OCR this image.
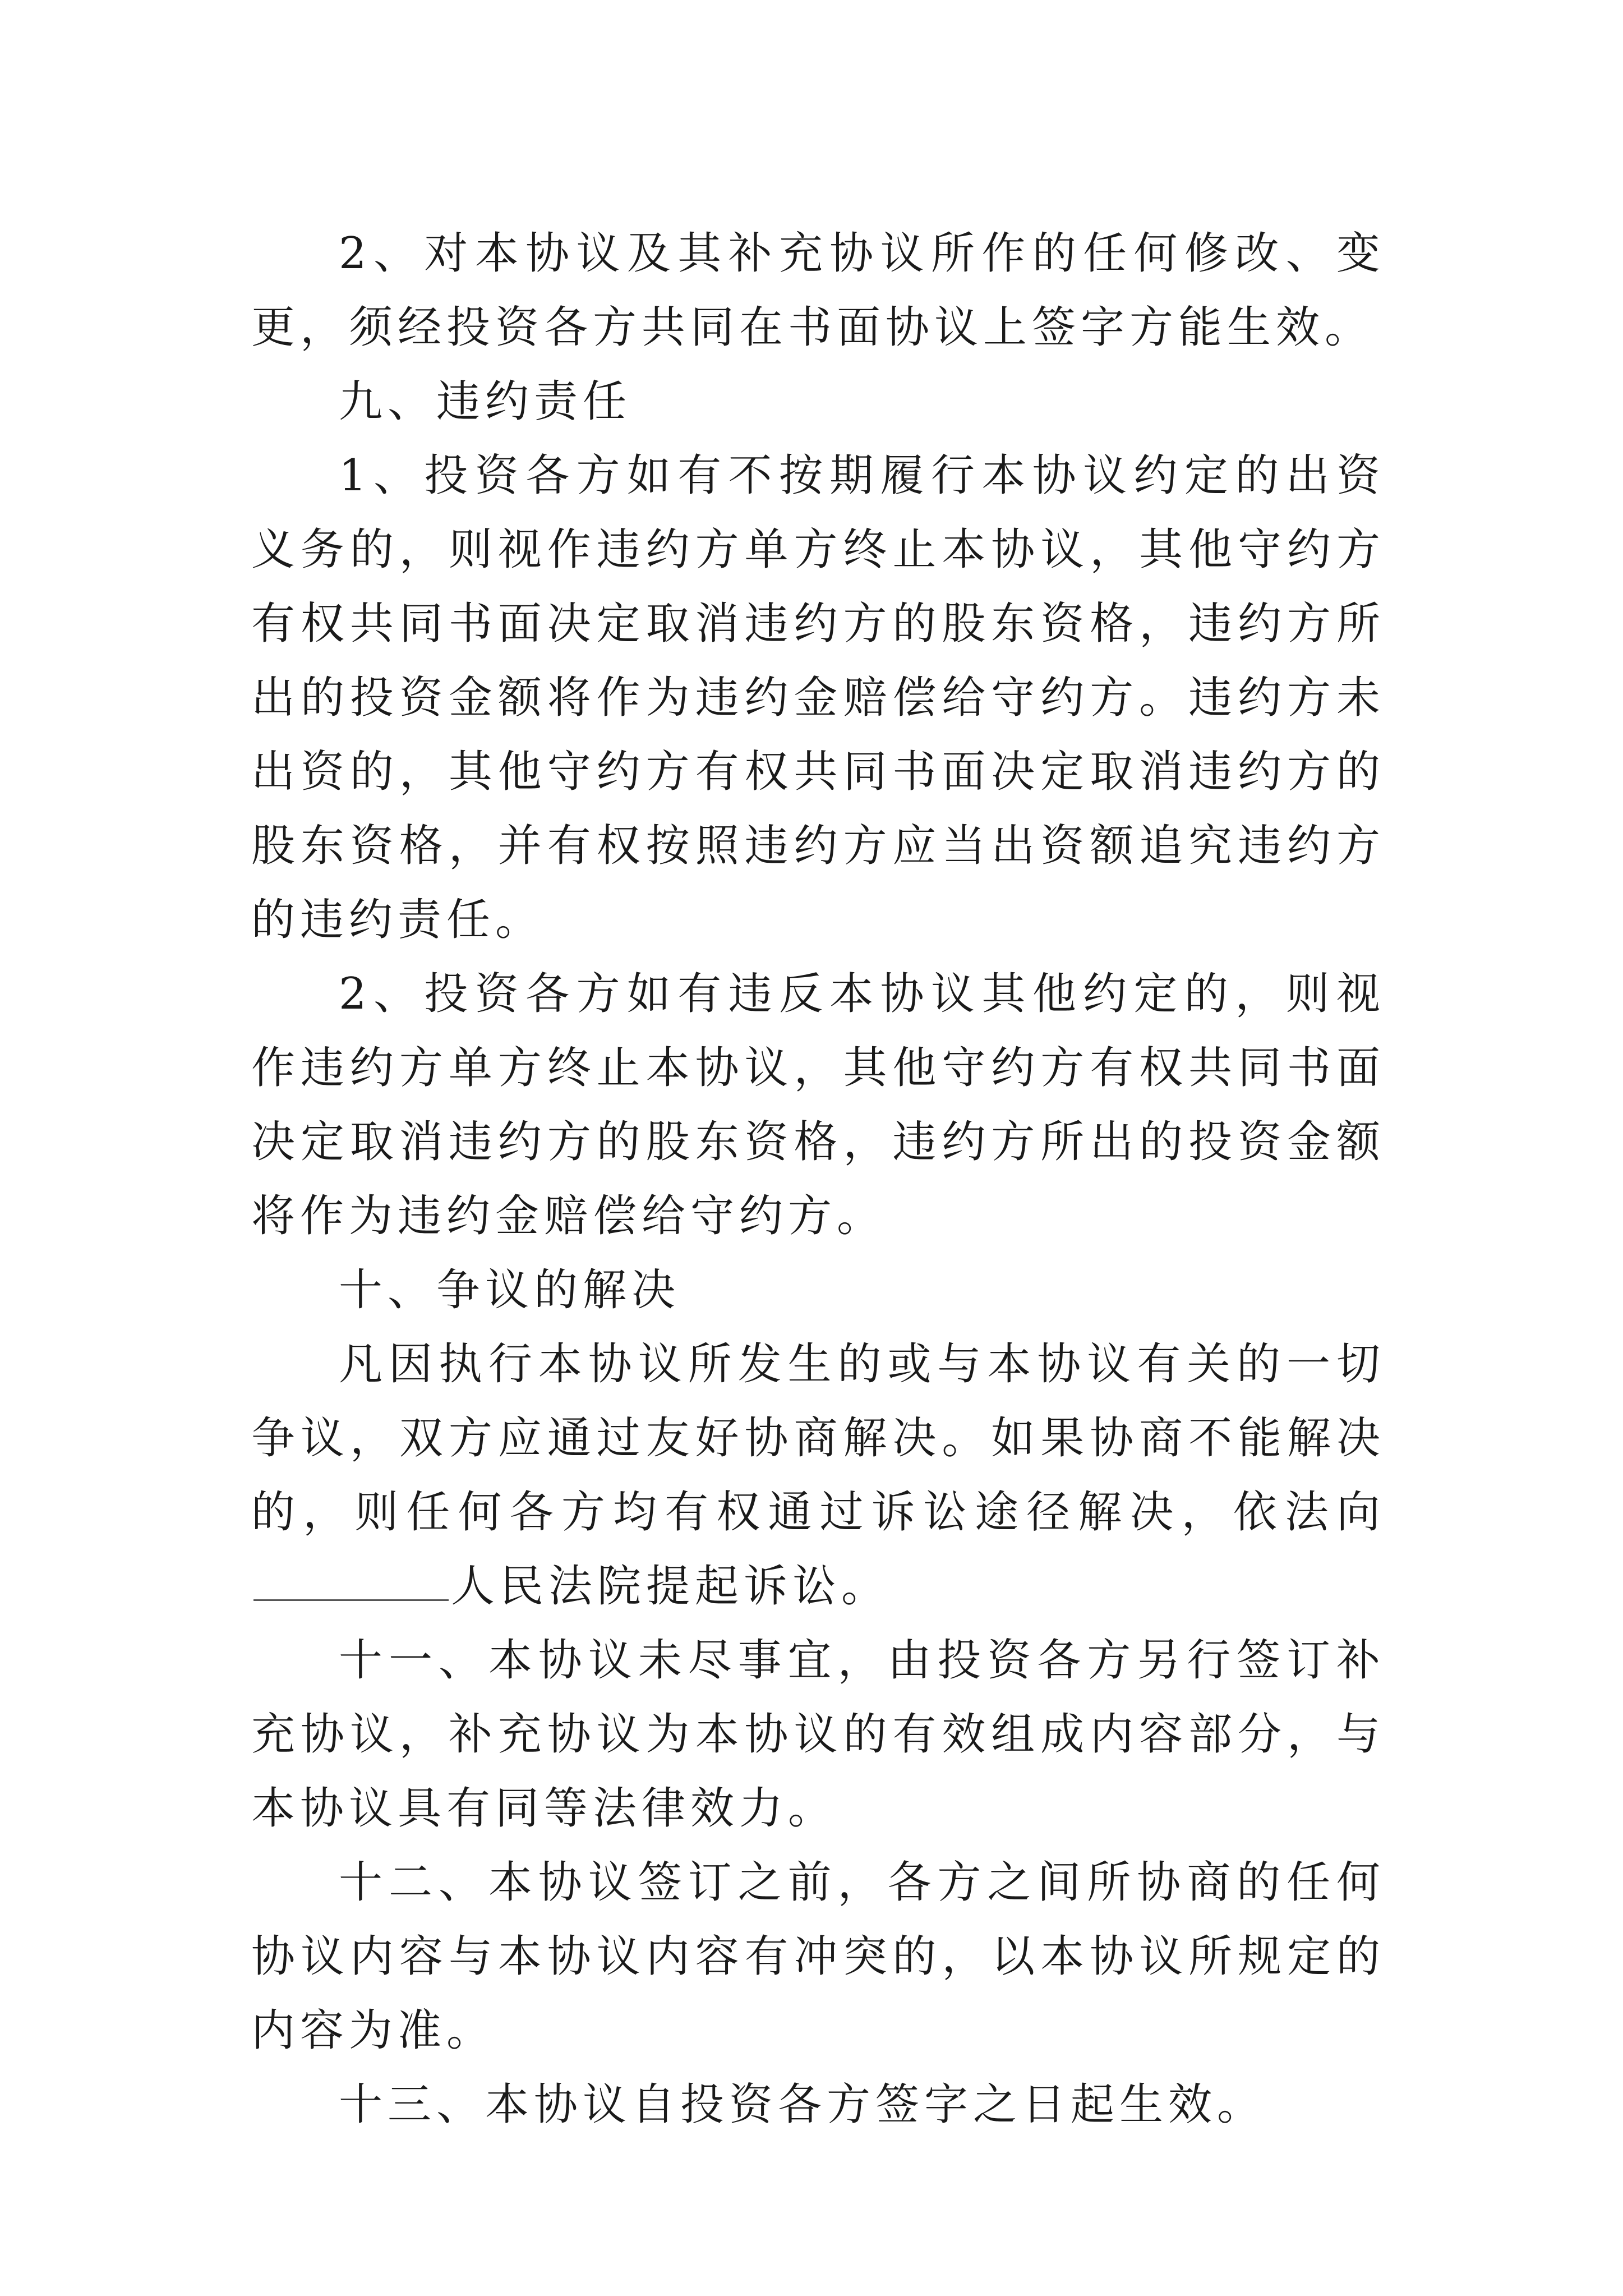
2、对本协议及其补充协议所作的任何修改、变更，须经投资各方共同在书面协议上签字方能生效。

九、违约责任

1、投资各方如有不按期履行本协议约定的出资义务的，则视作违约方单方终止本协议，其他守约方有权共同书面决定取消违约方的股东资格，违约方所出的投资金额将作为违约金赔偿给守约方。违约方未出资的，其他守约方有权共同书面决定取消违约方的股东资格，并有权按照违约方应当出资额追究违约方的违约责任。

2、投资各方如有违反本协议其他约定的，则视作违约方单方终止本协议，其他守约方有权共同书面决定取消违约方的股东资格，违约方所出的投资金额将作为违约金赔偿给守约方。

十、争议的解决

凡因执行本协议所发生的或与本协议有关的一切争议，双方应通过友好协商解决。如果协商不能解决的，则任何各方均有权通过诉讼途径解决，依法向人民法院提起诉讼。

十一、本协议未尽事宜，由投资各方另行签订补充协议，补充协议为本协议的有效组成内容部分，与本协议具有同等法律效力。

十二、本协议签订之前，各方之间所协商的任何协议内容与本协议内容有冲突的，以本协议所规定的内容为准。

十三、本协议自投资各方签字之日起生效。
